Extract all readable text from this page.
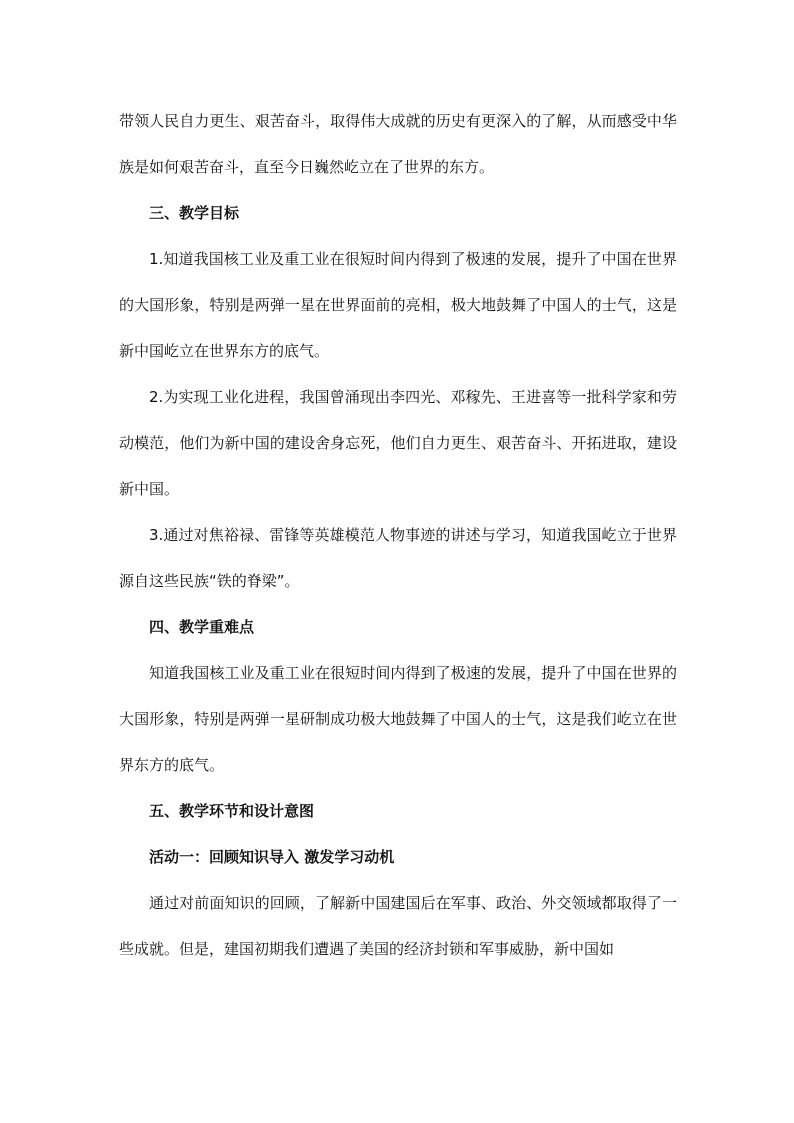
带领人民自力更生、艰苦奋斗，取得伟大成就的历史有更深入的了解，从而感受中华族是如何艰苦奋斗，直至今日巍然屹立在了世界的东方。

三、教学目标

1.知道我国核工业及重工业在很短时间内得到了极速的发展，提升了中国在世界的大国形象，特别是两弹一星在世界面前的亮相，极大地鼓舞了中国人的士气，这是新中国屹立在世界东方的底气。

2.为实现工业化进程，我国曾涌现出李四光、邓稼先、王进喜等一批科学家和劳动模范，他们为新中国的建设舍身忘死，他们自力更生、艰苦奋斗、开拓进取，建设新中国。

3.通过对焦裕禄、雷锋等英雄模范人物事迹的讲述与学习，知道我国屹立于世界源自这些民族“铁的脊梁”。

四、教学重难点

知道我国核工业及重工业在很短时间内得到了极速的发展，提升了中国在世界的大国形象，特别是两弹一星研制成功极大地鼓舞了中国人的士气，这是我们屹立在世界东方的底气。

五、教学环节和设计意图

活动一：回顾知识导入 激发学习动机

通过对前面知识的回顾，了解新中国建国后在军事、政治、外交领域都取得了一些成就。但是，建国初期我们遭遇了美国的经济封锁和军事威胁，新中国如
